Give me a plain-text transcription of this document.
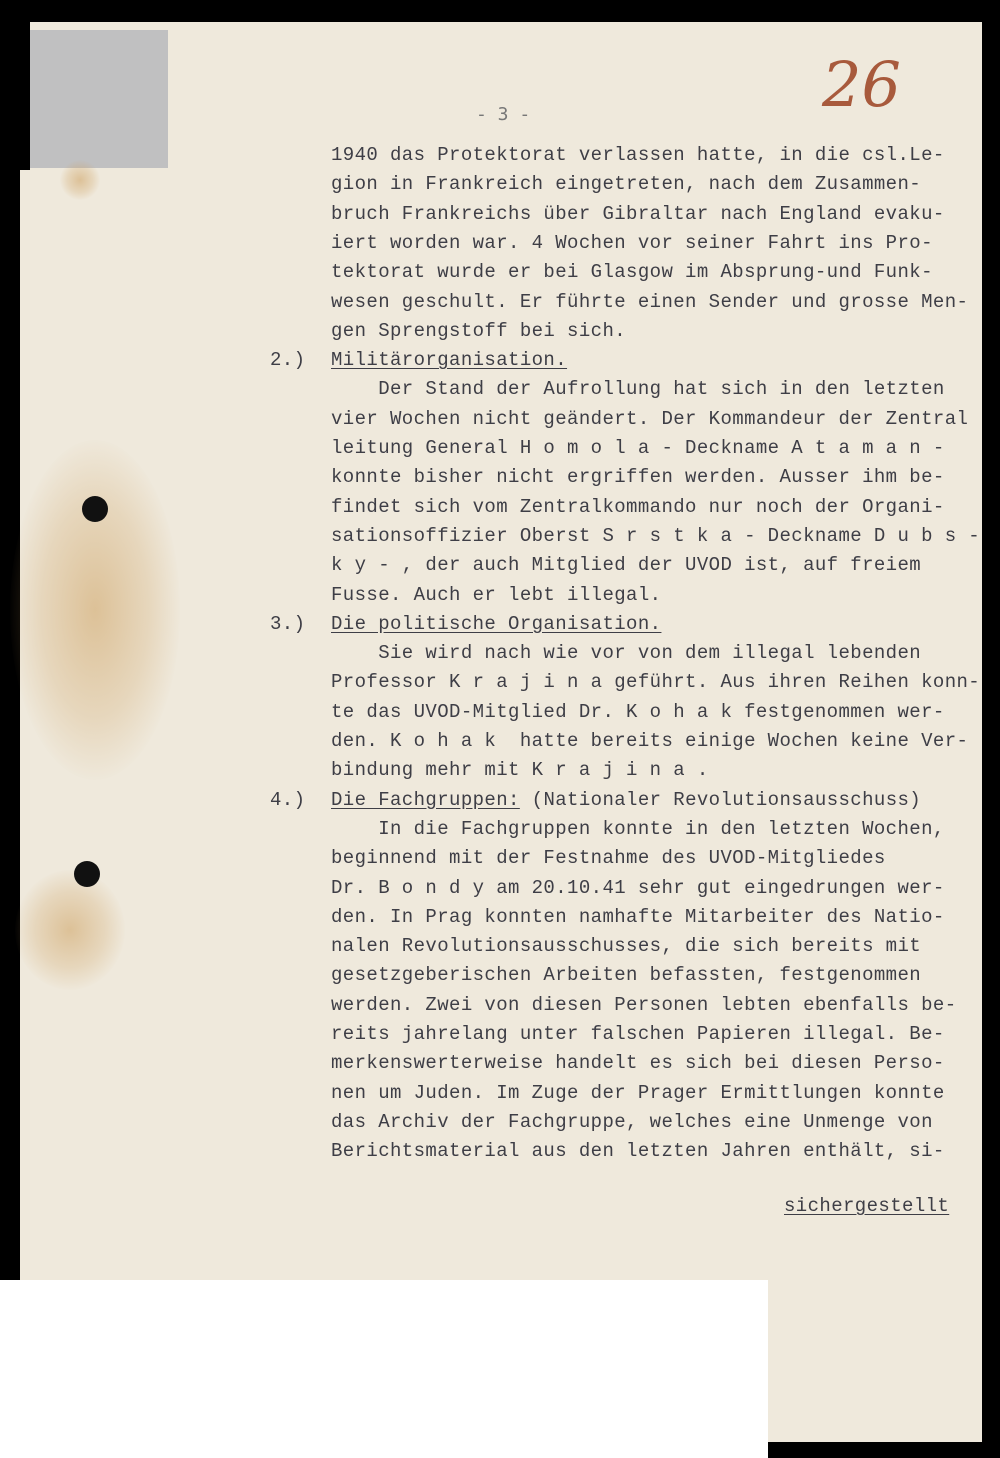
26
- 3 -
1940 das Protektorat verlassen hatte, in die csl.Le-
gion in Frankreich eingetreten, nach dem Zusammen-
bruch Frankreichs über Gibraltar nach England evaku-
iert worden war. 4 Wochen vor seiner Fahrt ins Pro-
tektorat wurde er bei Glasgow im Absprung-und Funk-
wesen geschult. Er führte einen Sender und grosse Men-
gen Sprengstoff bei sich.
2.) Militärorganisation.
Der Stand der Aufrollung hat sich in den letzten
vier Wochen nicht geändert. Der Kommandeur der Zentral
leitung General H o m o l a - Deckname A t a m a n -
konnte bisher nicht ergriffen werden. Ausser ihm be-
findet sich vom Zentralkommando nur noch der Organi-
sationsoffizier Oberst S r s t k a - Deckname D u b s -
k y - , der auch Mitglied der UVOD ist, auf freiem
Fusse. Auch er lebt illegal.
3.) Die politische Organisation.
Sie wird nach wie vor von dem illegal lebenden
Professor K r a j i n a geführt. Aus ihren Reihen konn-
te das UVOD-Mitglied Dr. K o h a k festgenommen wer-
den. K o h a k  hatte bereits einige Wochen keine Ver-
bindung mehr mit K r a j i n a .
4.) Die Fachgruppen: (Nationaler Revolutionsausschuss)
In die Fachgruppen konnte in den letzten Wochen,
beginnend mit der Festnahme des UVOD-Mitgliedes
Dr. B o n d y am 20.10.41 sehr gut eingedrungen wer-
den. In Prag konnten namhafte Mitarbeiter des Natio-
nalen Revolutionsausschusses, die sich bereits mit
gesetzgeberischen Arbeiten befassten, festgenommen
werden. Zwei von diesen Personen lebten ebenfalls be-
reits jahrelang unter falschen Papieren illegal. Be-
merkenswerterweise handelt es sich bei diesen Perso-
nen um Juden. Im Zuge der Prager Ermittlungen konnte
das Archiv der Fachgruppe, welches eine Unmenge von
Berichtsmaterial aus den letzten Jahren enthält, si-
sichergestellt
